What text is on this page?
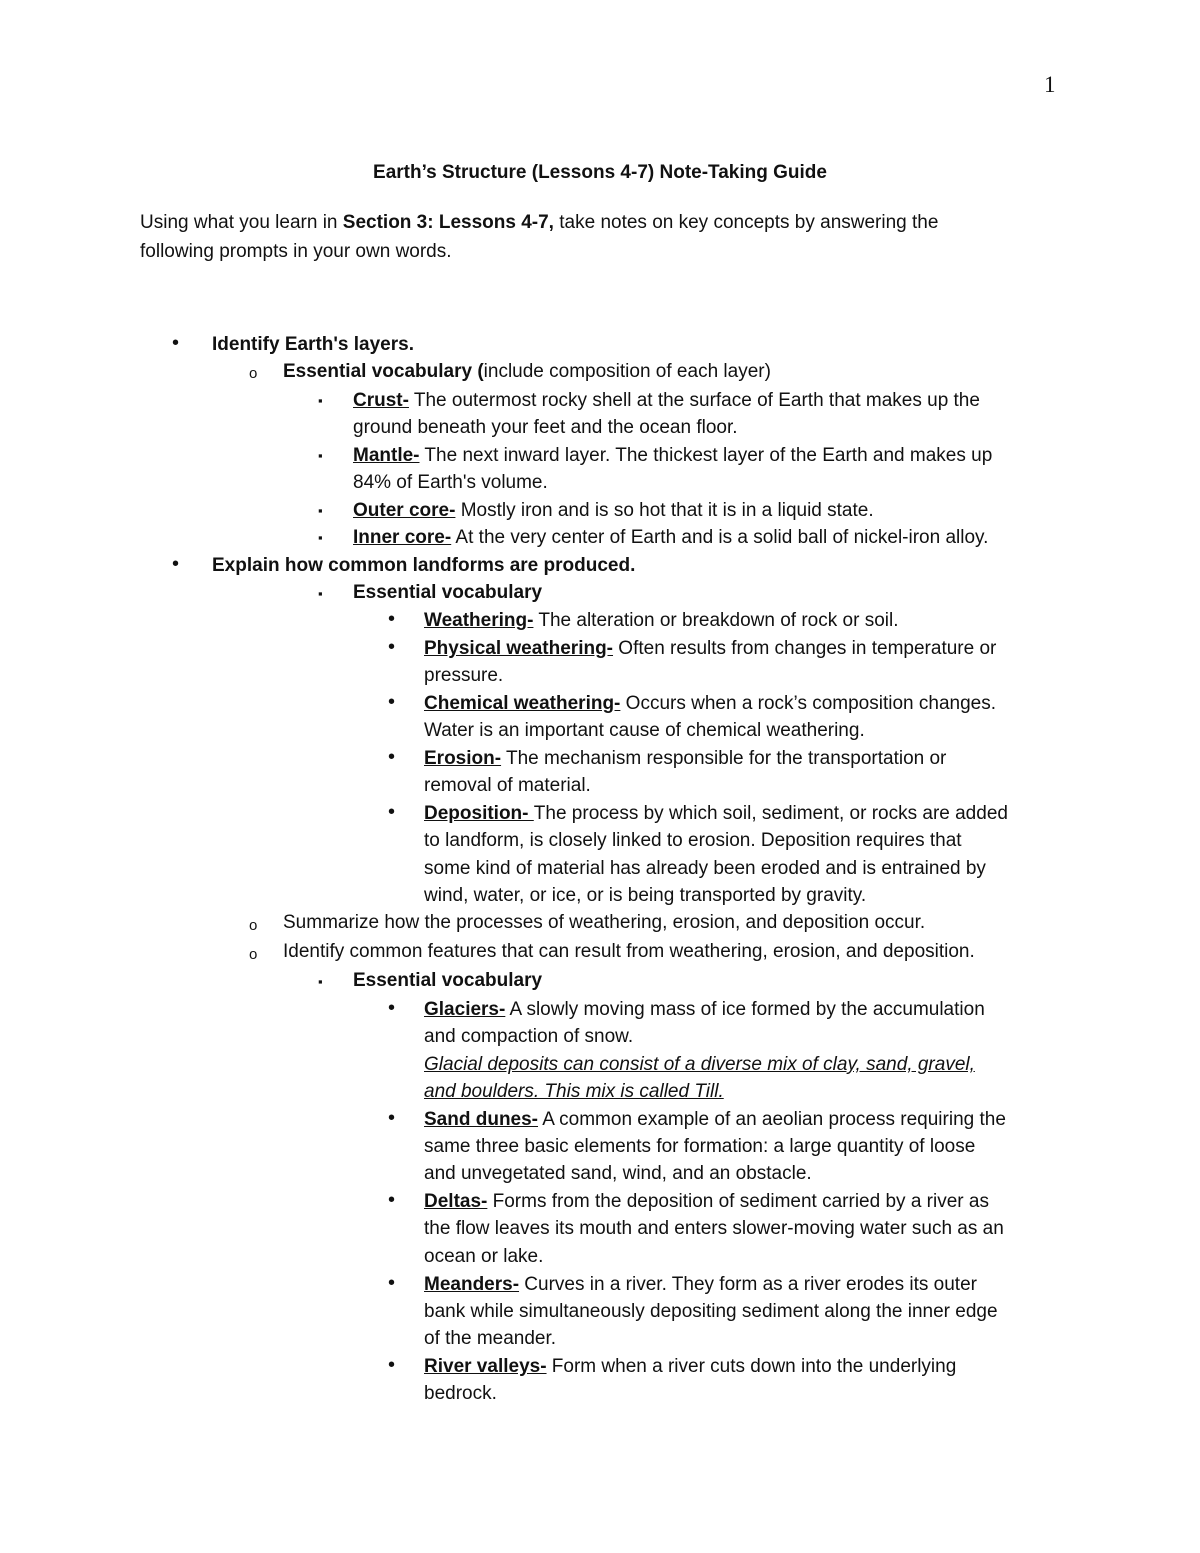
1
Earth’s Structure (Lessons 4-7) Note-Taking Guide
Using what you learn in Section 3: Lessons 4-7, take notes on key concepts by answering the
following prompts in your own words.
• Identify Earth's layers.
o Essential vocabulary (include composition of each layer)
▪ Crust- The outermost rocky shell at the surface of Earth that makes up the
ground beneath your feet and the ocean floor.
▪ Mantle- The next inward layer. The thickest layer of the Earth and makes up
84% of Earth's volume.
▪ Outer core- Mostly iron and is so hot that it is in a liquid state.
▪ Inner core- At the very center of Earth and is a solid ball of nickel-iron alloy.
• Explain how common landforms are produced.
▪ Essential vocabulary
• Weathering- The alteration or breakdown of rock or soil.
• Physical weathering- Often results from changes in temperature or
pressure.
• Chemical weathering- Occurs when a rock’s composition changes.
Water is an important cause of chemical weathering.
• Erosion- The mechanism responsible for the transportation or
removal of material.
• Deposition- The process by which soil, sediment, or rocks are added
to landform, is closely linked to erosion. Deposition requires that
some kind of material has already been eroded and is entrained by
wind, water, or ice, or is being transported by gravity.
o Summarize how the processes of weathering, erosion, and deposition occur.
o Identify common features that can result from weathering, erosion, and deposition.
▪ Essential vocabulary
• Glaciers- A slowly moving mass of ice formed by the accumulation
and compaction of snow.
Glacial deposits can consist of a diverse mix of clay, sand, gravel,
and boulders. This mix is called Till.
• Sand dunes- A common example of an aeolian process requiring the
same three basic elements for formation: a large quantity of loose
and unvegetated sand, wind, and an obstacle.
• Deltas- Forms from the deposition of sediment carried by a river as
the flow leaves its mouth and enters slower-moving water such as an
ocean or lake.
• Meanders- Curves in a river. They form as a river erodes its outer
bank while simultaneously depositing sediment along the inner edge
of the meander.
• River valleys- Form when a river cuts down into the underlying
bedrock.
